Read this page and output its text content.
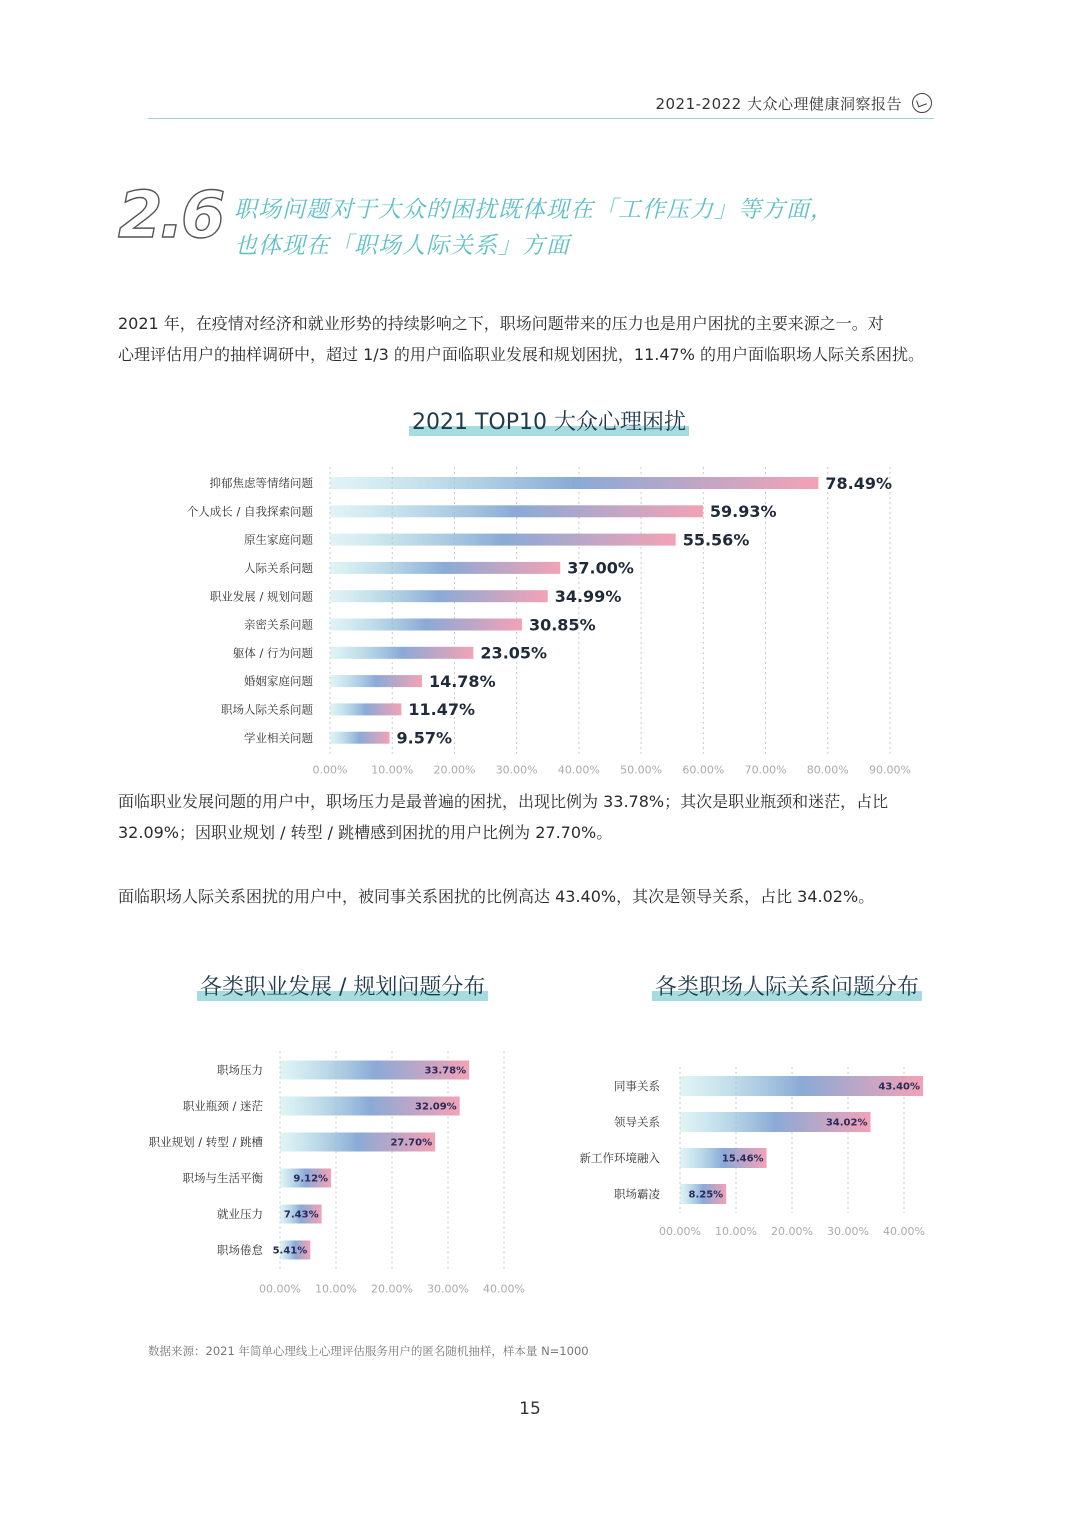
2021-2022 大众心理健康洞察报告
2.6 职场问题对于大众的困扰既体现在「工作压力」等方面，
也体现在「职场人际关系」方面
2021 年，在疫情对经济和就业形势的持续影响之下，职场问题带来的压力也是用户困扰的主要来源之一。对
心理评估用户的抽样调研中，超过 1/3 的用户面临职业发展和规划困扰，11.47% 的用户面临职场人际关系困扰。
2021 TOP10 大众心理困扰
0.00% 10.00% 20.00% 30.00% 40.00% 50.00% 60.00% 70.00% 80.00% 90.00%
抑郁焦虑等情绪问题	78.49%
个人成长 / 自我探索问题	59.93%
原生家庭问题	55.56%
人际关系问题	37.00%
职业发展 / 规划问题	34.99%
亲密关系问题	30.85%
躯体 / 行为问题	23.05%
婚姻家庭问题	14.78%
职场人际关系问题	11.47%
学业相关问题	9.57%
面临职业发展问题的用户中，职场压力是最普遍的困扰，出现比例为 33.78%；其次是职业瓶颈和迷茫，占比
32.09%；因职业规划 / 转型 / 跳槽感到困扰的用户比例为 27.70%。
面临职场人际关系困扰的用户中，被同事关系困扰的比例高达 43.40%，其次是领导关系，占比 34.02%。
各类职业发展 / 规划问题分布	各类职场人际关系问题分布
00.00% 10.00% 20.00% 30.00% 40.00%
职场压力	33.78%
职业瓶颈 / 迷茫	32.09%
职业规划 / 转型 / 跳槽	27.70%
职场与生活平衡	9.12%
就业压力 7.43%
职场倦怠 5.41%
00.00% 10.00% 20.00% 30.00% 40.00%
同事关系	43.40%
领导关系	34.02%
新工作环境融入	15.46%
职场霸凌	8.25%
数据来源：2021 年简单心理线上心理评估服务用户的匿名随机抽样，样本量 N=1000
15
